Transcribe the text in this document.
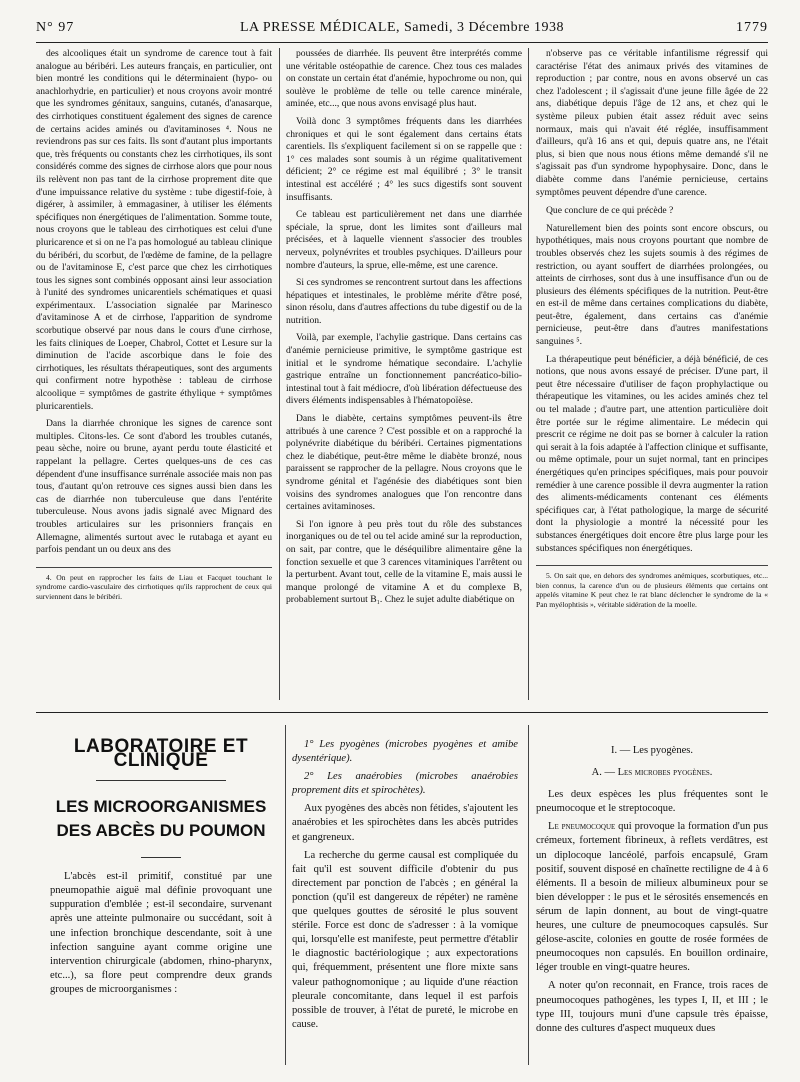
N° 97	LA PRESSE MÉDICALE, Samedi, 3 Décembre 1938	1779

des alcooliques était un syndrome de carence tout à fait analogue au béribéri. Les auteurs français, en particulier, ont bien montré les conditions qui le déterminaient (hypo- ou anachlorhydrie, en particulier) et nous croyons avoir montré que les syndromes génitaux, sanguins, cutanés, d'anasarque, des cirrhotiques constituent également des signes de carence de certains acides aminés ou d'avitaminoses ⁴. Nous ne reviendrons pas sur ces faits. Ils sont d'autant plus importants que, très fréquents ou constants chez les cirrhotiques, ils sont considérés comme des signes de cirrhose alors que pour nous ils relèvent non pas tant de la cirrhose proprement dite que d'une impuissance relative du système : tube digestif-foie, à digérer, à assimiler, à emmagasiner, à utiliser les éléments spécifiques non énergétiques de l'alimentation. Somme toute, nous croyons que le tableau des cirrhotiques est celui d'une pluricarence et si on ne l'a pas homologué au tableau clinique du béribéri, du scorbut, de l'œdème de famine, de la pellagre ou de l'avitaminose E, c'est parce que chez les cirrhotiques tous les signes sont combinés opposant ainsi leur association à l'unité des syndromes unicarentiels schématiques et quasi expérimentaux. L'association signalée par Marinesco d'avitaminose A et de cirrhose, l'apparition de syndrome scorbutique observé par nous dans le cours d'une cirrhose, les faits cliniques de Loeper, Chabrol, Cottet et Lesure sur la diminution de l'acide ascorbique dans le foie des cirrhotiques, les résultats thérapeutiques, sont des arguments qui confirment notre hypothèse : tableau de cirrhose alcoolique = symptômes de gastrite éthylique + symptômes pluricarentiels.

Dans la diarrhée chronique les signes de carence sont multiples. Citons-les. Ce sont d'abord les troubles cutanés, peau sèche, noire ou brune, ayant perdu toute élasticité et rappelant la pellagre. Certes quelques-uns de ces cas dépendent d'une insuffisance surrénale associée mais non pas tous, d'autant qu'on retrouve ces signes aussi bien dans les cas de diarrhée non tuberculeuse que dans l'entérite tuberculeuse. Nous avons jadis signalé avec Mignard des troubles articulaires sur les prisonniers français en Allemagne, alimentés surtout avec le rutabaga et ayant eu parfois pendant un ou deux ans des

4. On peut en rapprocher les faits de Liau et Facquet touchant le syndrome cardio-vasculaire des cirrhotiques qu'ils rapprochent de ceux qui surviennent dans le béribéri.

poussées de diarrhée. Ils peuvent être interprétés comme une véritable ostéopathie de carence. Chez tous ces malades on constate un certain état d'anémie, hypochrome ou non, qui soulève le problème de telle ou telle carence minérale, aminée, etc..., que nous avons envisagé plus haut.

Voilà donc 3 symptômes fréquents dans les diarrhées chroniques et qui le sont également dans certains états carentiels. Ils s'expliquent facilement si on se rappelle que : 1° ces malades sont soumis à un régime qualitativement déficient; 2° ce régime est mal équilibré ; 3° le transit intestinal est accéléré ; 4° les sucs digestifs sont souvent insuffisants.

Ce tableau est particulièrement net dans une diarrhée spéciale, la sprue, dont les limites sont d'ailleurs mal précisées, et à laquelle viennent s'associer des troubles nerveux, polynévrites et troubles psychiques. D'ailleurs pour nombre d'auteurs, la sprue, elle-même, est une carence.

Si ces syndromes se rencontrent surtout dans les affections hépatiques et intestinales, le problème mérite d'être posé, sinon résolu, dans d'autres affections du tube digestif ou de la nutrition.

Voilà, par exemple, l'achylie gastrique. Dans certains cas d'anémie pernicieuse primitive, le symptôme gastrique est initial et le syndrome hématique secondaire. L'achylie gastrique entraîne un fonctionnement pancréatico-bilio-intestinal tout à fait médiocre, d'où libération défectueuse des divers éléments indispensables à l'hématopoïèse.

Dans le diabète, certains symptômes peuvent-ils être attribués à une carence ? C'est possible et on a rapproché la polynévrite diabétique du béribéri. Certaines pigmentations chez le diabétique, peut-être même le diabète bronzé, nous paraissent se rapprocher de la pellagre. Nous croyons que le syndrome génital et l'agénésie des diabétiques sont bien voisins des syndromes analogues que l'on rencontre dans certaines avitaminoses.

Si l'on ignore à peu près tout du rôle des substances inorganiques ou de tel ou tel acide aminé sur la reproduction, on sait, par contre, que le déséquilibre alimentaire gêne la fonction sexuelle et que 3 carences vitaminiques l'arrêtent ou la perturbent. Avant tout, celle de la vitamine E, mais aussi le manque prolongé de vitamine A et du complexe B, probablement surtout B₁. Chez le sujet adulte diabétique on

n'observe pas ce véritable infantilisme régressif qui caractérise l'état des animaux privés des vitamines de reproduction ; par contre, nous en avons observé un cas chez l'adolescent ; il s'agissait d'une jeune fille âgée de 22 ans, diabétique depuis l'âge de 12 ans, et chez qui le système pileux pubien était assez réduit avec seins normaux, mais qui n'avait été réglée, insuffisamment d'ailleurs, qu'à 16 ans et qui, depuis quatre ans, ne l'était plus, si bien que nous nous étions même demandé s'il ne s'agissait pas d'un syndrome hypophysaire. Donc, dans le diabète comme dans l'anémie pernicieuse, certains symptômes peuvent dépendre d'une carence.

Que conclure de ce qui précède ?

Naturellement bien des points sont encore obscurs, ou hypothétiques, mais nous croyons pourtant que nombre de troubles observés chez les sujets soumis à des régimes de restriction, ou ayant souffert de diarrhées prolongées, ou atteints de cirrhoses, sont dus à une insuffisance d'un ou de plusieurs des éléments spécifiques de la nutrition. Peut-être en est-il de même dans certaines complications du diabète, peut-être, également, dans certains cas d'anémie pernicieuse, peut-être dans d'autres manifestations sanguines ⁵.

La thérapeutique peut bénéficier, a déjà bénéficié, de ces notions, que nous avons essayé de préciser. D'une part, il peut être nécessaire d'utiliser de façon prophylactique ou thérapeutique les vitamines, ou les acides aminés chez tel ou tel malade ; d'autre part, une attention particulière doit être portée sur le régime alimentaire. Le médecin qui prescrit ce régime ne doit pas se borner à calculer la ration qui serait à la fois adaptée à l'affection clinique et suffisante, ou même optimale, pour un sujet normal, tant en principes énergétiques qu'en principes spécifiques, mais pour pouvoir remédier à une carence possible il devra augmenter la ration des aliments-médicaments contenant ces éléments spécifiques car, à l'état pathologique, la marge de sécurité dont la physiologie a montré la nécessité pour les substances énergétiques doit encore être plus large pour les substances spécifiques non énergétiques.

5. On sait que, en dehors des syndromes anémiques, scorbutiques, etc... bien connus, la carence d'un ou de plusieurs éléments que certains ont appelés vitamine K peut chez le rat blanc déclencher le syndrome de la « Pan myélophtisis », véritable sidération de la moelle.
LABORATOIRE ET CLINIQUE
LES MICROORGANISMES
DES ABCÈS DU POUMON

L'abcès est-il primitif, constitué par une pneumopathie aiguë mal définie provoquant une suppuration d'emblée ; est-il secondaire, survenant après une atteinte pulmonaire ou succédant, soit à une infection bronchique descendante, soit à une infection sanguine ayant comme origine une intervention chirurgicale (abdomen, rhino-pharynx, etc...), sa flore peut comprendre deux grands groupes de microorganismes :

1° Les pyogènes (microbes pyogènes et amibe dysentérique).

2° Les anaérobies (microbes anaérobies proprement dits et spirochètes).

Aux pyogènes des abcès non fétides, s'ajoutent les anaérobies et les spirochètes dans les abcès putrides et gangreneux.

La recherche du germe causal est compliquée du fait qu'il est souvent difficile d'obtenir du pus directement par ponction de l'abcès ; en général la ponction (qu'il est dangereux de répéter) ne ramène que quelques gouttes de sérosité le plus souvent stérile. Force est donc de s'adresser : à la vomique qui, lorsqu'elle est manifeste, peut permettre d'établir le diagnostic bactériologique ; aux expectorations qui, fréquemment, présentent une flore mixte sans valeur pathognomonique ; au liquide d'une réaction pleurale concomitante, dans lequel il est parfois possible de trouver, à l'état de pureté, le microbe en cause.

I. — Les pyogènes.
A. — Les microbes pyogènes.

Les deux espèces les plus fréquentes sont le pneumocoque et le streptocoque.

Le pneumocoque qui provoque la formation d'un pus crémeux, fortement fibrineux, à reflets verdâtres, est un diplocoque lancéolé, parfois encapsulé, Gram positif, souvent disposé en chaînette rectiligne de 4 à 6 éléments. Il a besoin de milieux albumineux pour se bien développer : le pus et le sérosités ensemencés en sérum de lapin donnent, au bout de vingt-quatre heures, une culture de pneumocoques capsulés. Sur gélose-ascite, colonies en goutte de rosée formées de pneumocoques non capsulés. En bouillon ordinaire, léger trouble en vingt-quatre heures.

A noter qu'on reconnait, en France, trois races de pneumocoques pathogènes, les types I, II, et III ; le type III, toujours muni d'une capsule très épaisse, donne des cultures d'aspect muqueux dues
